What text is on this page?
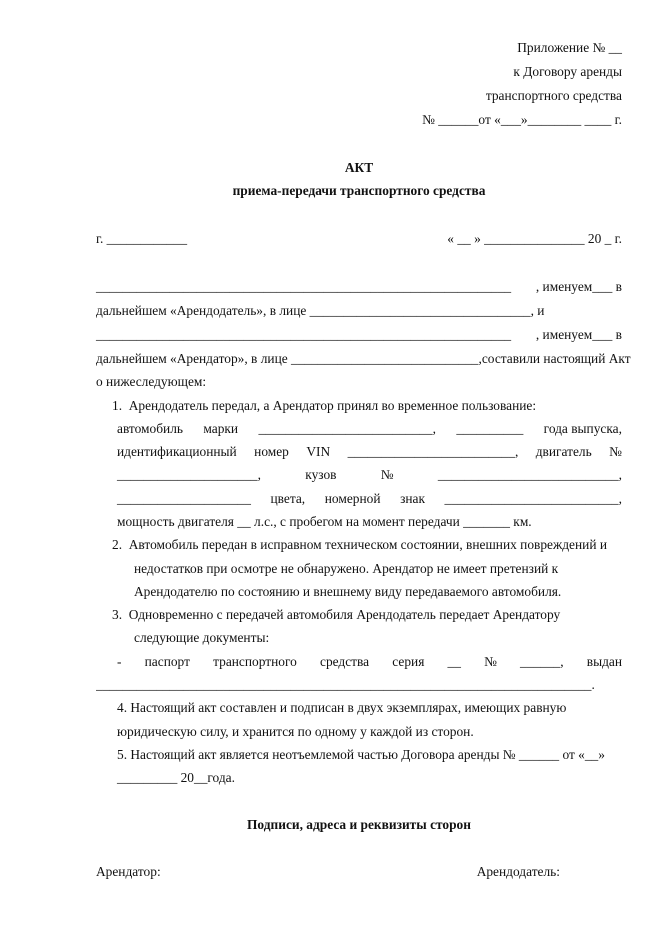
Приложение № __
к Договору аренды
транспортного средства
№ ______от «___»________ ____ г.
АКТ
приема-передачи транспортного средства
г. ____________	« __ » _______________ 20 _ г.
______________________________________________________________ , именуем___ в
дальнейшем «Арендодатель», в лице _________________________________, и
______________________________________________________________ , именуем___ в
дальнейшем «Арендатор», в лице ____________________________, составили настоящий Акт
о нижеследующем:
1.  Арендодатель передал, а Арендатор принял во временное пользование:
автомобиль марки __________________________, __________ года выпуска,
идентификационный номер VIN _________________________, двигатель №
_____________________,	кузов	№	___________________________,
____________________ цвета, номерной знак __________________________,
мощность двигателя __ л.с., с пробегом на момент передачи _______ км.
2.  Автомобиль передан в исправном техническом состоянии, внешних повреждений и
недостатков при осмотре не обнаружено. Арендатор не имеет претензий к
Арендодателю по состоянию и внешнему виду передаваемого автомобиля.
3.  Одновременно с передачей автомобиля Арендодатель передает Арендатору
следующие документы:
- паспорт транспортного средства серия __ № ______, выдан
__________________________________________________________________________.
4. Настоящий акт составлен и подписан в двух экземплярах, имеющих равную
юридическую силу, и хранится по одному у каждой из сторон.
5. Настоящий акт является неотъемлемой частью Договора аренды № ______ от «__»
_________ 20__года.
Подписи, адреса и реквизиты сторон
Арендатор:	Арендодатель:
